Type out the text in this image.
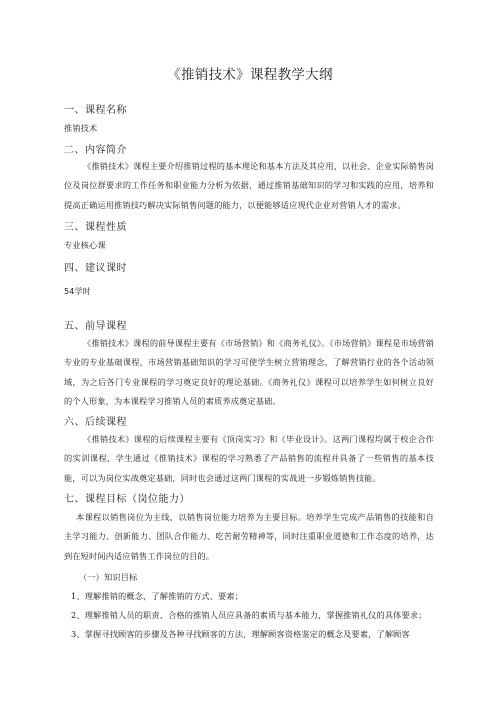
《推销技术》课程教学大纲
一、课程名称
推销技术
二、内容简介
《推销技术》课程主要介绍推销过程的基本理论和基本方法及其应用，以社会、企业实际销售岗位及岗位群要求的工作任务和职业能力分析为依据，通过推销基础知识的学习和实践的应用，培养和提高正确运用推销技巧解决实际销售问题的能力，以便能够适应现代企业对营销人才的需求。
三、课程性质
专业核心课
四、建议课时
54学时
五、前导课程
《推销技术》课程的前导课程主要有《市场营销》和《商务礼仪》。《市场营销》课程是市场营销专业的专业基础课程，市场营销基础知识的学习可使学生树立营销理念，了解营销行业的各个活动领域，为之后各门专业课程的学习奠定良好的理论基础。《商务礼仪》课程可以培养学生如何树立良好的个人形象，为本课程学习推销人员的素质养成奠定基础。
六、后续课程
《推销技术》课程的后续课程主要有《顶岗实习》和《毕业设计》。这两门课程均属于校企合作的实训课程，学生通过《推销技术》课程的学习熟悉了产品销售的流程并具备了一些销售的基本技能，可以为岗位实战奠定基础，同时也会通过这两门课程的实战进一步锻炼销售技能。
七、课程目标（岗位能力）
本课程以销售岗位为主线，以销售岗位能力培养为主要目标。培养学生完成产品销售的技能和自主学习能力、创新能力、团队合作能力、吃苦耐劳精神等，同时注重职业道德和工作态度的培养，达到在短时间内适应销售工作岗位的目的。
（一）知识目标
1、理解推销的概念，了解推销的方式、要素；
2、理解推销人员的职责、合格的推销人员应具备的素质与基本能力，掌握推销礼仪的具体要求；
3、掌握寻找顾客的步骤及各种寻找顾客的方法，理解顾客资格鉴定的概念及要素，了解顾客
